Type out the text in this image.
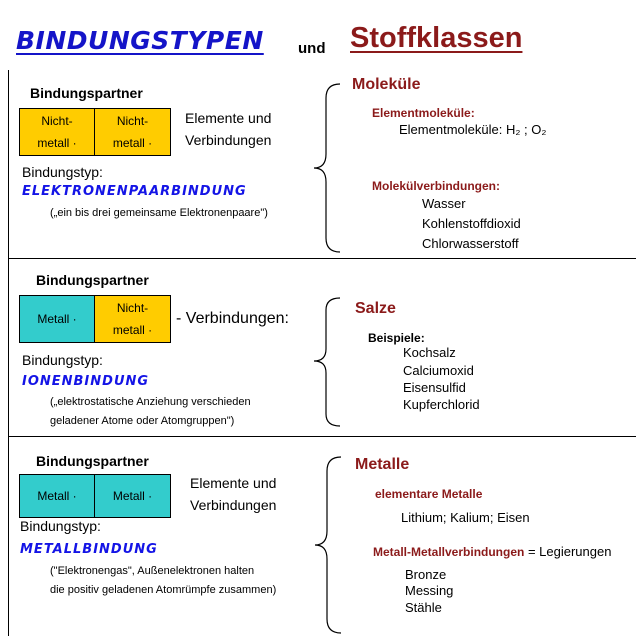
BINDUNGSTYPEN und Stoffklassen
Bindungspartner
Nicht-
metall ·
Nicht-
metall ·
Elemente und
Verbindungen
Bindungstyp:
ELEKTRONENPAARBINDUNG
(„ein bis drei gemeinsame Elektronenpaare")
Moleküle
Elementmoleküle:
Elementmoleküle: H₂ ; O₂
Molekülverbindungen:
Wasser
Kohlenstoffdioxid
Chlorwasserstoff
Bindungspartner
Metall ·
Nicht-
metall ·
- Verbindungen:
Bindungstyp:
IONENBINDUNG
(„elektrostatische Anziehung verschieden
geladener Atome oder Atomgruppen")
Salze
Beispiele:
Kochsalz
Calciumoxid
Eisensulfid
Kupferchlorid
Bindungspartner
Metall ·	Metall ·
Elemente und
Verbindungen
Bindungstyp:
METALLBINDUNG
("Elektronengas", Außenelektronen halten
die positiv geladenen Atomrümpfe zusammen)
Metalle
elementare Metalle
Lithium; Kalium; Eisen
Metall-Metallverbindungen = Legierungen
Bronze
Messing
Stähle
